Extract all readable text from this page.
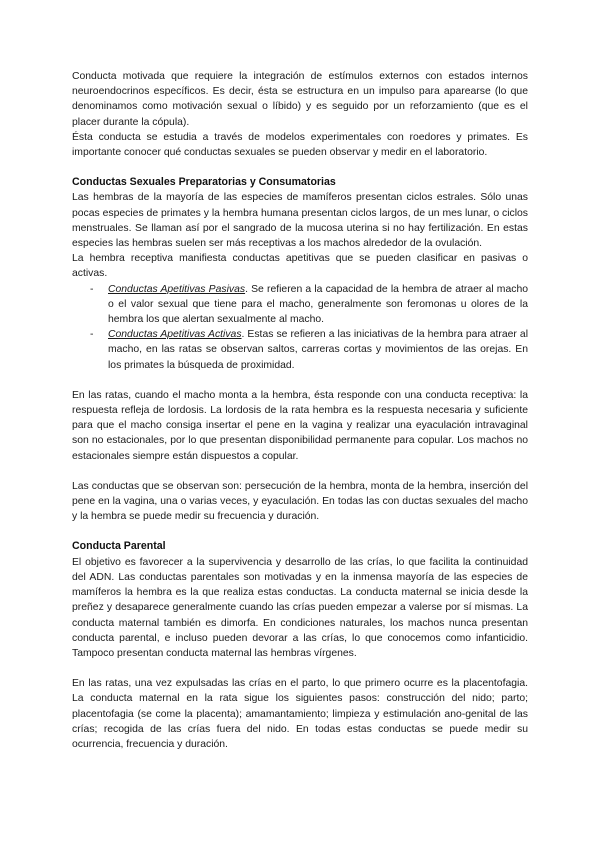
Conducta motivada que requiere la integración de estímulos externos con estados internos neuroendocrinos específicos. Es decir, ésta se estructura en un impulso para aparearse (lo que denominamos como motivación sexual o líbido) y es seguido por un reforzamiento (que es el placer durante la cópula).

Ésta conducta se estudia a través de modelos experimentales con roedores y primates. Es importante conocer qué conductas sexuales se pueden observar y medir en el laboratorio.

Conductas Sexuales Preparatorias y Consumatorias

Las hembras de la mayoría de las especies de mamíferos presentan ciclos estrales. Sólo unas pocas especies de primates y la hembra humana presentan ciclos largos, de un mes lunar, o ciclos menstruales. Se llaman así por el sangrado de la mucosa uterina si no hay fertilización. En estas especies las hembras suelen ser más receptivas a los machos alrededor de la ovulación.

La hembra receptiva manifiesta conductas apetitivas que se pueden clasificar en pasivas o activas.

- Conductas Apetitivas Pasivas. Se refieren a la capacidad de la hembra de atraer al macho o el valor sexual que tiene para el macho, generalmente son feromonas u olores de la hembra los que alertan sexualmente al macho.
- Conductas Apetitivas Activas. Estas se refieren a las iniciativas de la hembra para atraer al macho, en las ratas se observan saltos, carreras cortas y movimientos de las orejas. En los primates la búsqueda de proximidad.

En las ratas, cuando el macho monta a la hembra, ésta responde con una conducta receptiva: la respuesta refleja de lordosis. La lordosis de la rata hembra es la respuesta necesaria y suficiente para que el macho consiga insertar el pene en la vagina y realizar una eyaculación intravaginal son no estacionales, por lo que presentan disponibilidad permanente para copular. Los machos no estacionales siempre están dispuestos a copular.

Las conductas que se observan son: persecución de la hembra, monta de la hembra, inserción del pene en la vagina, una o varias veces, y eyaculación. En todas las con ductas sexuales del macho y la hembra se puede medir su frecuencia y duración.

Conducta Parental

El objetivo es favorecer a la supervivencia y desarrollo de las crías, lo que facilita la continuidad del ADN. Las conductas parentales son motivadas y en la inmensa mayoría de las especies de mamíferos la hembra es la que realiza estas conductas. La conducta maternal se inicia desde la preñez y desaparece generalmente cuando las crías pueden empezar a valerse por sí mismas. La conducta maternal también es dimorfa. En condiciones naturales, los machos nunca presentan conducta parental, e incluso pueden devorar a las crías, lo que conocemos como infanticidio. Tampoco presentan conducta maternal las hembras vírgenes.

En las ratas, una vez expulsadas las crías en el parto, lo que primero ocurre es la placentofagia. La conducta maternal en la rata sigue los siguientes pasos: construcción del nido; parto; placentofagia (se come la placenta); amamantamiento; limpieza y estimulación ano-genital de las crías; recogida de las crías fuera del nido. En todas estas conductas se puede medir su ocurrencia, frecuencia y duración.
